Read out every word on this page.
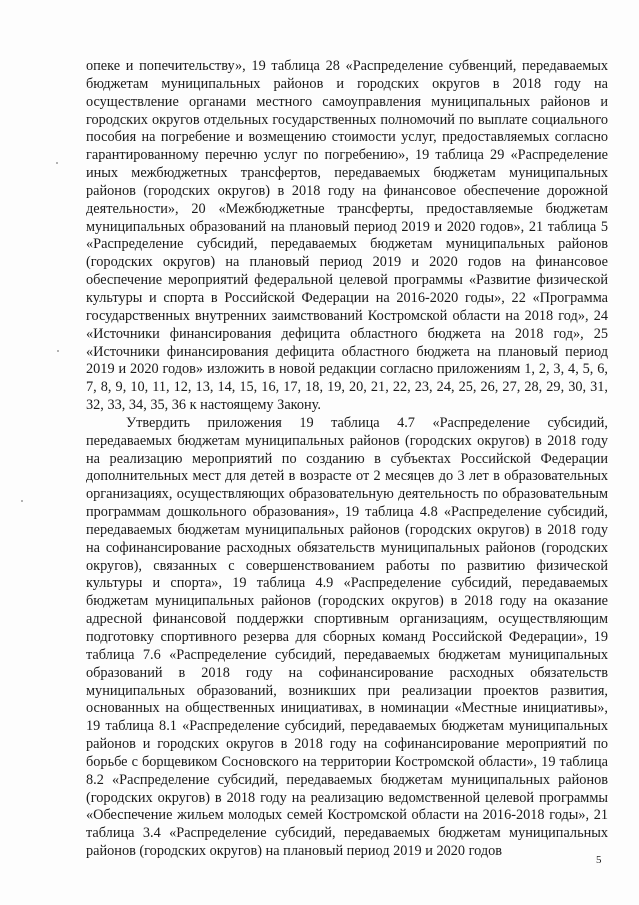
опеке и попечительству», 19 таблица 28 «Распределение субвенций, передаваемых бюджетам муниципальных районов и городских округов в 2018 году на осуществление органами местного самоуправления муниципальных районов и городских округов отдельных государственных полномочий по выплате социального пособия на погребение и возмещению стоимости услуг, предоставляемых согласно гарантированному перечню услуг по погребению», 19 таблица 29 «Распределение иных межбюджетных трансфертов, передаваемых бюджетам муниципальных районов (городских округов) в 2018 году на финансовое обеспечение дорожной деятельности», 20 «Межбюджетные трансферты, предоставляемые бюджетам муниципальных образований на плановый период 2019 и 2020 годов», 21 таблица 5 «Распределение субсидий, передаваемых бюджетам муниципальных районов (городских округов) на плановый период 2019 и 2020 годов на финансовое обеспечение мероприятий федеральной целевой программы «Развитие физической культуры и спорта в Российской Федерации на 2016-2020 годы», 22 «Программа государственных внутренних заимствований Костромской области на 2018 год», 24 «Источники финансирования дефицита областного бюджета на 2018 год», 25 «Источники финансирования дефицита областного бюджета на плановый период 2019 и 2020 годов» изложить в новой редакции согласно приложениям 1, 2, 3, 4, 5, 6, 7, 8, 9, 10, 11, 12, 13, 14, 15, 16, 17, 18, 19, 20, 21, 22, 23, 24, 25, 26, 27, 28, 29, 30, 31, 32, 33, 34, 35, 36 к настоящему Закону.

Утвердить приложения 19 таблица 4.7 «Распределение субсидий, передаваемых бюджетам муниципальных районов (городских округов) в 2018 году на реализацию мероприятий по созданию в субъектах Российской Федерации дополнительных мест для детей в возрасте от 2 месяцев до 3 лет в образовательных организациях, осуществляющих образовательную деятельность по образовательным программам дошкольного образования», 19 таблица 4.8 «Распределение субсидий, передаваемых бюджетам муниципальных районов (городских округов) в 2018 году на софинансирование расходных обязательств муниципальных районов (городских округов), связанных с совершенствованием работы по развитию физической культуры и спорта», 19 таблица 4.9 «Распределение субсидий, передаваемых бюджетам муниципальных районов (городских округов) в 2018 году на оказание адресной финансовой поддержки спортивным организациям, осуществляющим подготовку спортивного резерва для сборных команд Российской Федерации», 19 таблица 7.6 «Распределение субсидий, передаваемых бюджетам муниципальных образований в 2018 году на софинансирование расходных обязательств муниципальных образований, возникших при реализации проектов развития, основанных на общественных инициативах, в номинации «Местные инициативы», 19 таблица 8.1 «Распределение субсидий, передаваемых бюджетам муниципальных районов и городских округов в 2018 году на софинансирование мероприятий по борьбе с борщевиком Сосновского на территории Костромской области», 19 таблица 8.2 «Распределение субсидий, передаваемых бюджетам муниципальных районов (городских округов) в 2018 году на реализацию ведомственной целевой программы «Обеспечение жильем молодых семей Костромской области на 2016-2018 годы», 21 таблица 3.4 «Распределение субсидий, передаваемых бюджетам муниципальных районов (городских округов) на плановый период 2019 и 2020 годов

5
